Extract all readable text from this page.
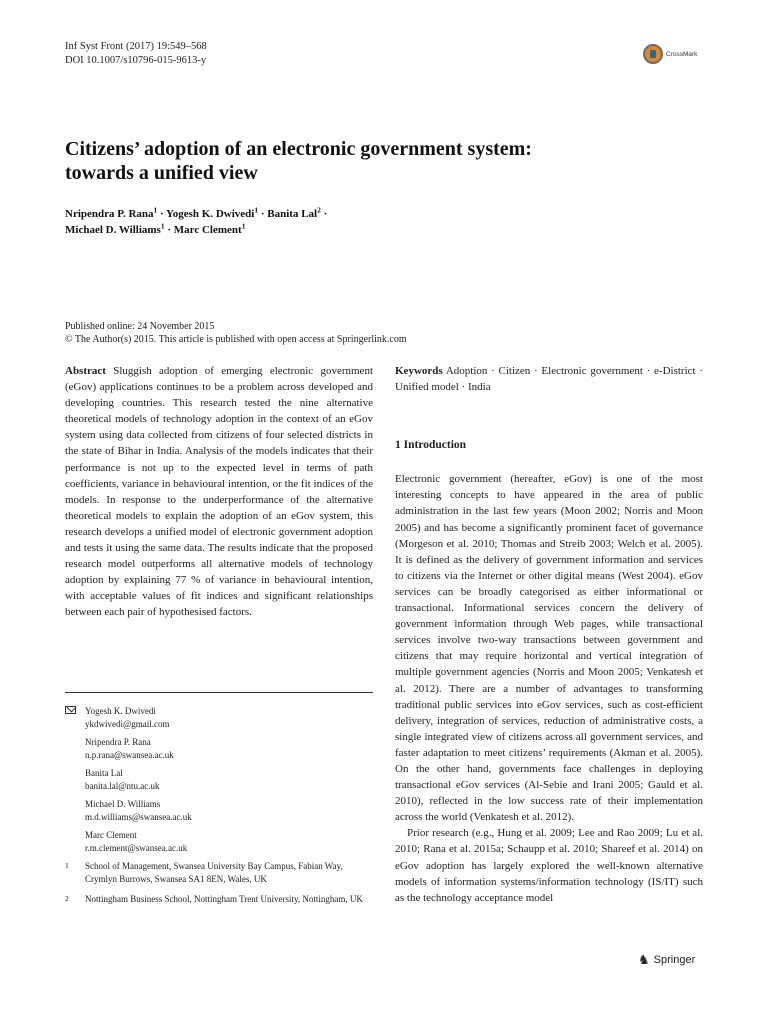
Inf Syst Front (2017) 19:549–568
DOI 10.1007/s10796-015-9613-y
CrossMark
Citizens’ adoption of an electronic government system:
towards a unified view
Nripendra P. Rana$^1$ · Yogesh K. Dwivedi$^1$ · Banita Lal$^2$ ·
Michael D. Williams$^1$ · Marc Clement$^1$
Published online: 24 November 2015
© The Author(s) 2015. This article is published with open access at Springerlink.com
Abstract Sluggish adoption of emerging electronic government (eGov) applications continues to be a problem across developed and developing countries. This research tested the nine alternative theoretical models of technology adoption in the context of an eGov system using data collected from citizens of four selected districts in the state of Bihar in India. Analysis of the models indicates that their performance is not up to the expected level in terms of path coefficients, variance in behavioural intention, or the fit indices of the models. In response to the underperformance of the alternative theoretical models to explain the adoption of an eGov system, this research develops a unified model of electronic government adoption and tests it using the same data. The results indicate that the proposed research model outperforms all alternative models of technology adoption by explaining 77 % of variance in behavioural intention, with acceptable values of fit indices and significant relationships between each pair of hypothesised factors.
Yogesh K. Dwivedi
ykdwivedi@gmail.com
Nripendra P. Rana
n.p.rana@swansea.ac.uk
Banita Lal
banita.lal@ntu.ac.uk
Michael D. Williams
m.d.williams@swansea.ac.uk
Marc Clement
r.m.clement@swansea.ac.uk
1 School of Management, Swansea University Bay Campus, Fabian Way, Crymlyn Burrows, Swansea SA1 8EN, Wales, UK
2 Nottingham Business School, Nottingham Trent University, Nottingham, UK
Keywords Adoption · Citizen · Electronic government · e-District · Unified model · India
1 Introduction
Electronic government (hereafter, eGov) is one of the most interesting concepts to have appeared in the area of public administration in the last few years (Moon 2002; Norris and Moon 2005) and has become a significantly prominent facet of governance (Morgeson et al. 2010; Thomas and Streib 2003; Welch et al. 2005). It is defined as the delivery of government information and services to citizens via the Internet or other digital means (West 2004). eGov services can be broadly categorised as either informational or transactional. Informational services concern the delivery of government information through Web pages, while transactional services involve two-way transactions between government and citizens that may require horizontal and vertical integration of multiple government agencies (Norris and Moon 2005; Venkatesh et al. 2012). There are a number of advantages to transforming traditional public services into eGov services, such as cost-efficient delivery, integration of services, reduction of administrative costs, a single integrated view of citizens across all government services, and faster adaptation to meet citizens’ requirements (Akman et al. 2005). On the other hand, governments face challenges in deploying transactional eGov services (Al-Sebie and Irani 2005; Gauld et al. 2010), reflected in the low success rate of their implementation across the world (Venkatesh et al. 2012).
Prior research (e.g., Hung et al. 2009; Lee and Rao 2009; Lu et al. 2010; Rana et al. 2015a; Schaupp et al. 2010; Shareef et al. 2014) on eGov adoption has largely explored the well-known alternative models of information systems/information technology (IS/IT) such as the technology acceptance model
♞ Springer
